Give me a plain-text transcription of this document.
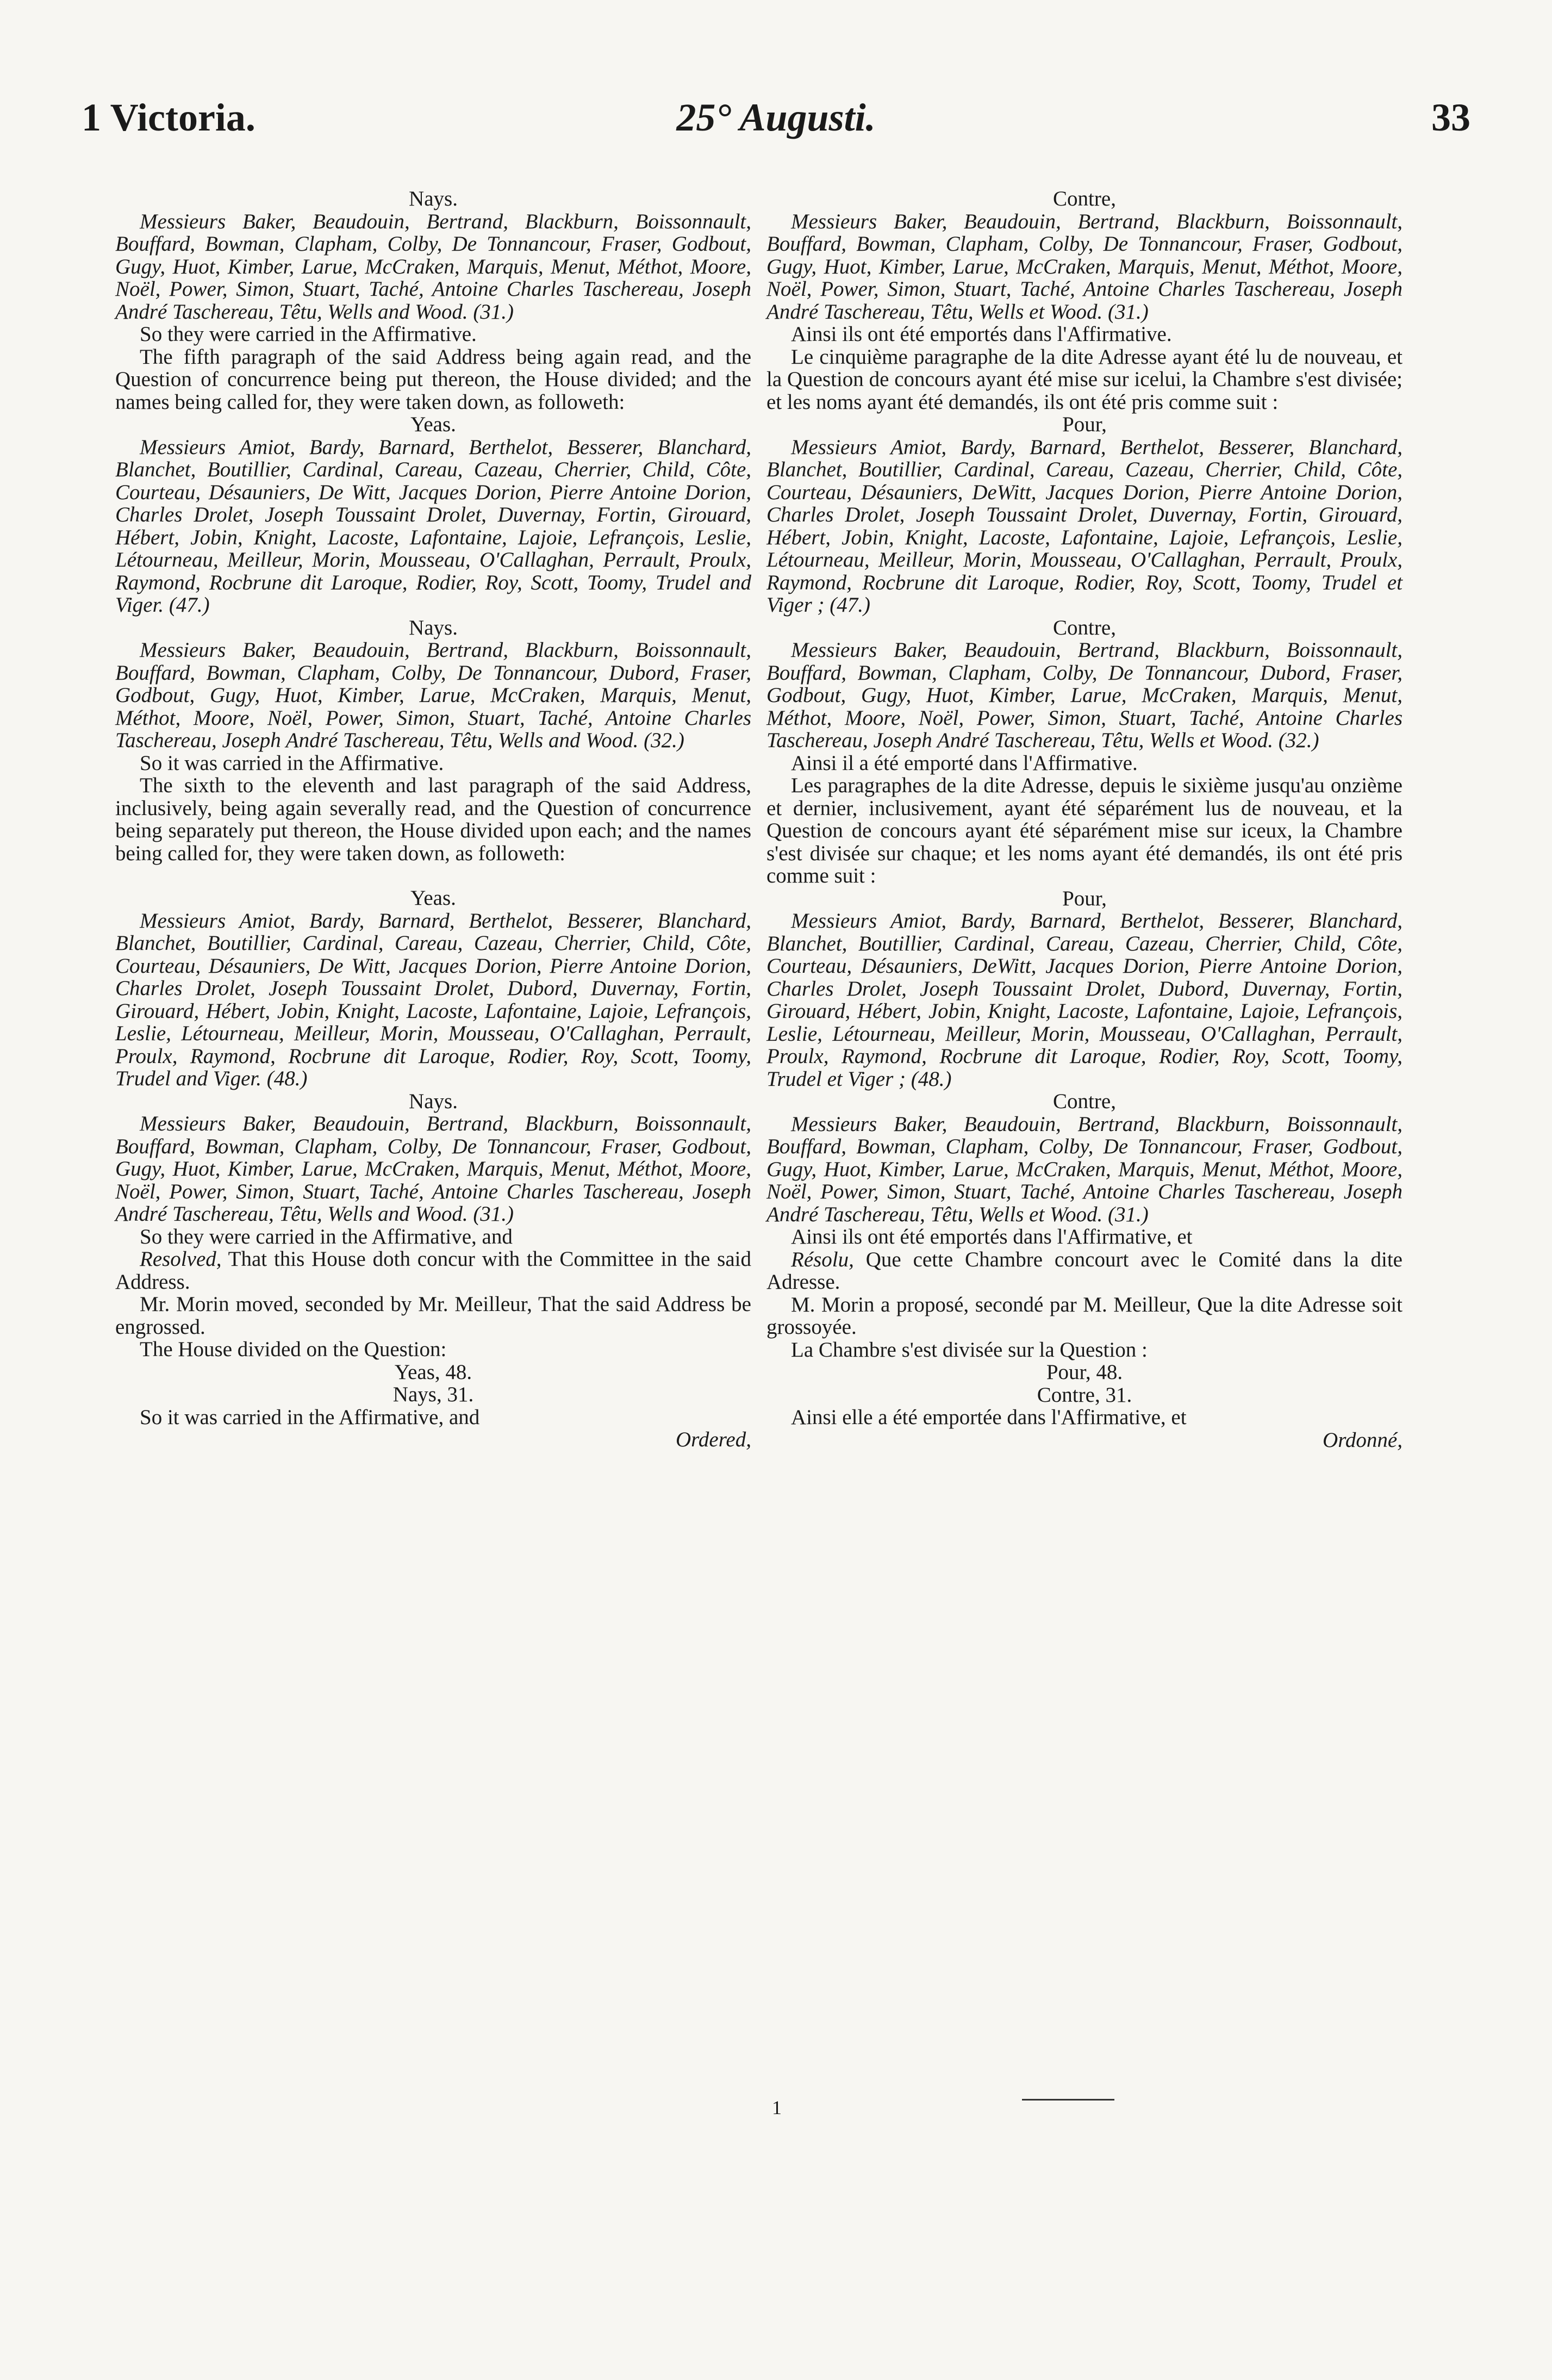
1 Victoria.	25° Augusti.	33

Nays.

Messieurs Baker, Beaudouin, Bertrand, Blackburn, Boissonnault, Bouffard, Bowman, Clapham, Colby, De Tonnancour, Fraser, Godbout, Gugy, Huot, Kimber, Larue, McCraken, Marquis, Menut, Méthot, Moore, Noël, Power, Simon, Stuart, Taché, Antoine Charles Taschereau, Joseph André Taschereau, Têtu, Wells and Wood. (31.)

So they were carried in the Affirmative.

The fifth paragraph of the said Address being again read, and the Question of concurrence being put thereon, the House divided; and the names being called for, they were taken down, as followeth:

Yeas.

Messieurs Amiot, Bardy, Barnard, Berthelot, Besserer, Blanchard, Blanchet, Boutillier, Cardinal, Careau, Cazeau, Cherrier, Child, Côte, Courteau, Désauniers, De Witt, Jacques Dorion, Pierre Antoine Dorion, Charles Drolet, Joseph Toussaint Drolet, Duvernay, Fortin, Girouard, Hébert, Jobin, Knight, Lacoste, Lafontaine, Lajoie, Lefrançois, Leslie, Létourneau, Meilleur, Morin, Mousseau, O'Callaghan, Perrault, Proulx, Raymond, Rocbrune dit Laroque, Rodier, Roy, Scott, Toomy, Trudel and Viger. (47.)

Nays.

Messieurs Baker, Beaudouin, Bertrand, Blackburn, Boissonnault, Bouffard, Bowman, Clapham, Colby, De Tonnancour, Dubord, Fraser, Godbout, Gugy, Huot, Kimber, Larue, McCraken, Marquis, Menut, Méthot, Moore, Noël, Power, Simon, Stuart, Taché, Antoine Charles Taschereau, Joseph André Taschereau, Têtu, Wells and Wood. (32.)

So it was carried in the Affirmative.

The sixth to the eleventh and last paragraph of the said Address, inclusively, being again severally read, and the Question of concurrence being separately put thereon, the House divided upon each; and the names being called for, they were taken down, as followeth:

Yeas.

Messieurs Amiot, Bardy, Barnard, Berthelot, Besserer, Blanchard, Blanchet, Boutillier, Cardinal, Careau, Cazeau, Cherrier, Child, Côte, Courteau, Désauniers, De Witt, Jacques Dorion, Pierre Antoine Dorion, Charles Drolet, Joseph Toussaint Drolet, Dubord, Duvernay, Fortin, Girouard, Hébert, Jobin, Knight, Lacoste, Lafontaine, Lajoie, Lefrançois, Leslie, Létourneau, Meilleur, Morin, Mousseau, O'Callaghan, Perrault, Proulx, Raymond, Rocbrune dit Laroque, Rodier, Roy, Scott, Toomy, Trudel and Viger. (48.)

Nays.

Messieurs Baker, Beaudouin, Bertrand, Blackburn, Boissonnault, Bouffard, Bowman, Clapham, Colby, De Tonnancour, Fraser, Godbout, Gugy, Huot, Kimber, Larue, McCraken, Marquis, Menut, Méthot, Moore, Noël, Power, Simon, Stuart, Taché, Antoine Charles Taschereau, Joseph André Taschereau, Têtu, Wells and Wood. (31.)

So they were carried in the Affirmative, and

Resolved, That this House doth concur with the Committee in the said Address.

Mr. Morin moved, seconded by Mr. Meilleur, That the said Address be engrossed.

The House divided on the Question:

Yeas, 48.

Nays, 31.

So it was carried in the Affirmative, and

Ordered,

Contre,

Messieurs Baker, Beaudouin, Bertrand, Blackburn, Boissonnault, Bouffard, Bowman, Clapham, Colby, De Tonnancour, Fraser, Godbout, Gugy, Huot, Kimber, Larue, McCraken, Marquis, Menut, Méthot, Moore, Noël, Power, Simon, Stuart, Taché, Antoine Charles Taschereau, Joseph André Taschereau, Têtu, Wells et Wood. (31.)

Ainsi ils ont été emportés dans l'Affirmative.

Le cinquième paragraphe de la dite Adresse ayant été lu de nouveau, et la Question de concours ayant été mise sur icelui, la Chambre s'est divisée; et les noms ayant été demandés, ils ont été pris comme suit :

Pour,

Messieurs Amiot, Bardy, Barnard, Berthelot, Besserer, Blanchard, Blanchet, Boutillier, Cardinal, Careau, Cazeau, Cherrier, Child, Côte, Courteau, Désauniers, DeWitt, Jacques Dorion, Pierre Antoine Dorion, Charles Drolet, Joseph Toussaint Drolet, Duvernay, Fortin, Girouard, Hébert, Jobin, Knight, Lacoste, Lafontaine, Lajoie, Lefrançois, Leslie, Létourneau, Meilleur, Morin, Mousseau, O'Callaghan, Perrault, Proulx, Raymond, Rocbrune dit Laroque, Rodier, Roy, Scott, Toomy, Trudel et Viger ; (47.)

Contre,

Messieurs Baker, Beaudouin, Bertrand, Blackburn, Boissonnault, Bouffard, Bowman, Clapham, Colby, De Tonnancour, Dubord, Fraser, Godbout, Gugy, Huot, Kimber, Larue, McCraken, Marquis, Menut, Méthot, Moore, Noël, Power, Simon, Stuart, Taché, Antoine Charles Taschereau, Joseph André Taschereau, Têtu, Wells et Wood. (32.)

Ainsi il a été emporté dans l'Affirmative.

Les paragraphes de la dite Adresse, depuis le sixième jusqu'au onzième et dernier, inclusivement, ayant été séparément lus de nouveau, et la Question de concours ayant été séparément mise sur iceux, la Chambre s'est divisée sur chaque; et les noms ayant été demandés, ils ont été pris comme suit :

Pour,

Messieurs Amiot, Bardy, Barnard, Berthelot, Besserer, Blanchard, Blanchet, Boutillier, Cardinal, Careau, Cazeau, Cherrier, Child, Côte, Courteau, Désauniers, DeWitt, Jacques Dorion, Pierre Antoine Dorion, Charles Drolet, Joseph Toussaint Drolet, Dubord, Duvernay, Fortin, Girouard, Hébert, Jobin, Knight, Lacoste, Lafontaine, Lajoie, Lefrançois, Leslie, Létourneau, Meilleur, Morin, Mousseau, O'Callaghan, Perrault, Proulx, Raymond, Rocbrune dit Laroque, Rodier, Roy, Scott, Toomy, Trudel et Viger ; (48.)

Contre,

Messieurs Baker, Beaudouin, Bertrand, Blackburn, Boissonnault, Bouffard, Bowman, Clapham, Colby, De Tonnancour, Fraser, Godbout, Gugy, Huot, Kimber, Larue, McCraken, Marquis, Menut, Méthot, Moore, Noël, Power, Simon, Stuart, Taché, Antoine Charles Taschereau, Joseph André Taschereau, Têtu, Wells et Wood. (31.)

Ainsi ils ont été emportés dans l'Affirmative, et

Résolu, Que cette Chambre concourt avec le Comité dans la dite Adresse.

M. Morin a proposé, secondé par M. Meilleur, Que la dite Adresse soit grossoyée.

La Chambre s'est divisée sur la Question :

Pour, 48.

Contre, 31.

Ainsi elle a été emportée dans l'Affirmative, et

Ordonné,

1
